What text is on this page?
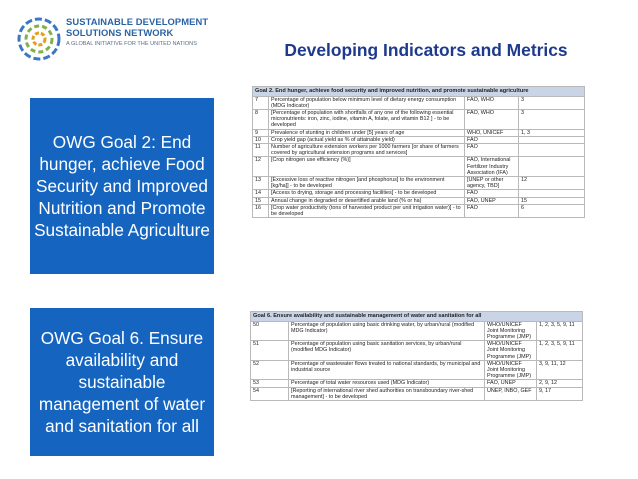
SUSTAINABLE DEVELOPMENT
SOLUTIONS NETWORK
A GLOBAL INITIATIVE FOR THE UNITED NATIONS	Developing Indicators and Metrics
OWG Goal 2: End hunger, achieve Food Security and Improved Nutrition and Promote Sustainable Agriculture
OWG Goal 6. Ensure availability and sustainable management of water and sanitation for all
Goal 2. End hunger, achieve food security and improved nutrition, and promote sustainable agriculture			
7	Percentage of population below minimum level of dietary energy consumption (MDG Indicator)	FAO, WHO	3
8	[Percentage of population with shortfalls of any one of the following essential micronutrients: iron, zinc, iodine, vitamin A, folate, and vitamin B12 ] - to be developed	FAO, WHO	3
9	Prevalence of stunting in children under [5] years of age	WHO, UNICEF	1, 3
10	Crop yield gap (actual yield as % of attainable yield)	FAO	
11	Number of agriculture extension workers per 1000 farmers [or share of farmers covered by agricultural extension programs and services]	FAO	
12	[Crop nitrogen use efficiency (%)]	FAO, International Fertilizer Industry Association (IFA)	
13	[Excessive loss of reactive nitrogen [and phosphorus] to the environment [kg/ha]] - to be developed	[UNEP or other agency, TBD]	12
14	[Access to drying, storage and processing facilities] - to be developed	FAO	
15	Annual change in degraded or desertified arable land (% or ha)	FAO, UNEP	15
16	[Crop water productivity (tons of harvested product per unit irrigation water)] - to be developed	FAO	6
Goal 6. Ensure availability and sustainable management of water and sanitation for all			
50	Percentage of population using basic drinking water, by urban/rural (modified MDG Indicator)	WHO/UNICEF Joint Monitoring Programme (JMP)	1, 2, 3, 5, 9, 11
51	Percentage of population using basic sanitation services, by urban/rural (modified MDG Indicator)	WHO/UNICEF Joint Monitoring Programme (JMP)	1, 2, 3, 5, 9, 11
52	Percentage of wastewater flows treated to national standards, by municipal and industrial source	WHO/UNICEF Joint Monitoring Programme (JMP)	3, 9, 11, 12
53	Percentage of total water resources used (MDG Indicator)	FAO, UNEP	2, 9, 12
54	[Reporting of international river shed authorities on transboundary river-shed management] - to be developed	UNEP, INBO, GEF	9, 17
